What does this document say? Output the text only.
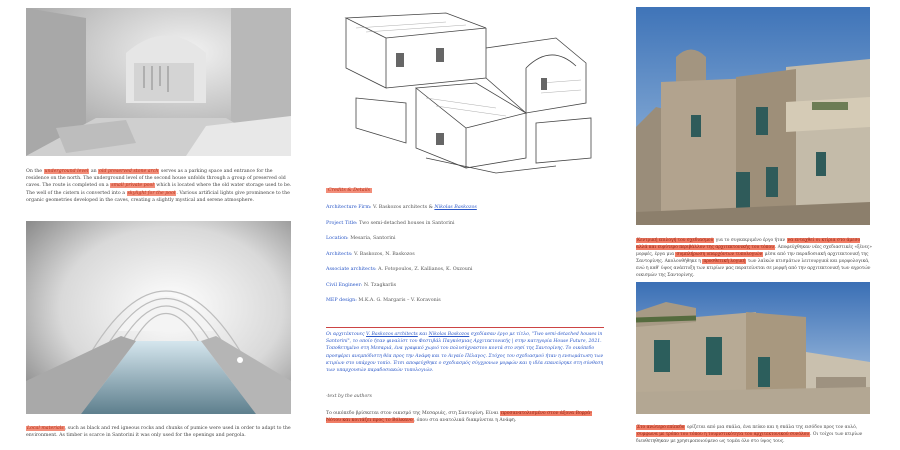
On the underground level an old preserved stone arch serves as a parking space and entrance for the residence on the north. The underground level of the second house unfolds through a group of preserved old caves. The route is completed on a small private pool which is located where the old water storage used to be. The well of the cistern is converted into a skylight for the pool. Various artificial lights give prominence to the organic geometries developed in the caves, creating a slightly mystical and serene atmosphere.
Local materials, such as black and red igneous rocks and chunks of pumice were used in order to adapt to the environment. As timber is scarce in Santorini it was only used for the openings and pergola.
Credits & Details
Architecture Firm: V. Baskozos architects & Nikolas Baskozos
Project Title: Two semi-detached houses in Santorini
Location: Mesaria, Santorini
Architects: V. Baskozos, N. Baskozos
Associate architects: A. Fotopoulos, Z. Kallianos, K. Oxzouni
Civil Engineer: N. Tzagkarlis
MEP design: M.K.A. G. Margaris – V. Koravonis
Οι αρχιτέκτονες V. Baskozos architects και Nikolas Baskozos σχεδίασαν έργο με τίτλο, "Two semi-detached houses in Santorini", το οποίο ήταν φιναλίστ του Φεστιβάλ Παγκόσμιας Αρχιτεκτονικής | στην κατηγορία House Future, 2021. Τοποθετημένο στη Μεσαριά, ένα γραφικό χωριό του πολυσύχναστου κοντά στο νησί της Σαντορίνης. Το οικόπεδο προσφέρει ανεμπόδιστη θέα προς την Ανάφη και το Αιγαίο Πέλαγος. Στόχος του σχεδιασμού ήταν η ενσωμάτωση των κτιρίων στο υπάρχον τοπίο. Έτσι αποφεύχθηκε ο σχεδιασμός σύγχρονων μορφών και η ιδέα επανεύρηκε στη σύνθεση των υπαρχουσών παραδοσιακών τυπολογιών.
-text by the authors
Το οικόπεδο βρίσκεται στον οικισμό της Μεσαριάς, στη Σαντορίνη. Είναι προσανατολισμένο στον άξονα Βορρά-Νότου και κοιτάζει προς το Βόλκανο, όπου στα ανατολικά διακρίνεται η Ανάφη.
Κεντρική επιλογή του σχεδιασμού για το συγκεκριμένο έργο ήταν να ενταχθεί οι κτίρια στο άμεσο αλλά και ευρύτερο περιβάλλον της αρχιτεκτονικής του τόπου. Αποφεύχθηκαν νέες σχεδιαστικές «ξένες» μορφές, έργα μια συμπλήρωση υπαρχόντων τυπολογιών μέσα από την παραδοσιακή αρχιτεκτονική της Σαντορίνης. Ακολουθήθηκε η προσθετική λογική των λαϊκών κτισμάτων λειτουργικά και μορφολογικά, ενώ η καθ' ύψος ανάπτυξη των κτιρίων μας παρατείνεται σε μορφή από την αρχιτεκτονική των αγροτών οικισμών της Σαντορίνης.
Στο ανώτερο επίπεδο ορίζεται από μια σκάλα, ένα πεύκο και η σκάλα της εισόδου προς τον αυλό, συμφωνα με τρόπο του τόπου η τουριστικότητα του αρχιτεκτονικού συνόλου. Οι τοίχοι των κτιρίων διευθετηθηκαν με χρησιμοποιούμενο ως τομέα όλο στο ύψος τους.
